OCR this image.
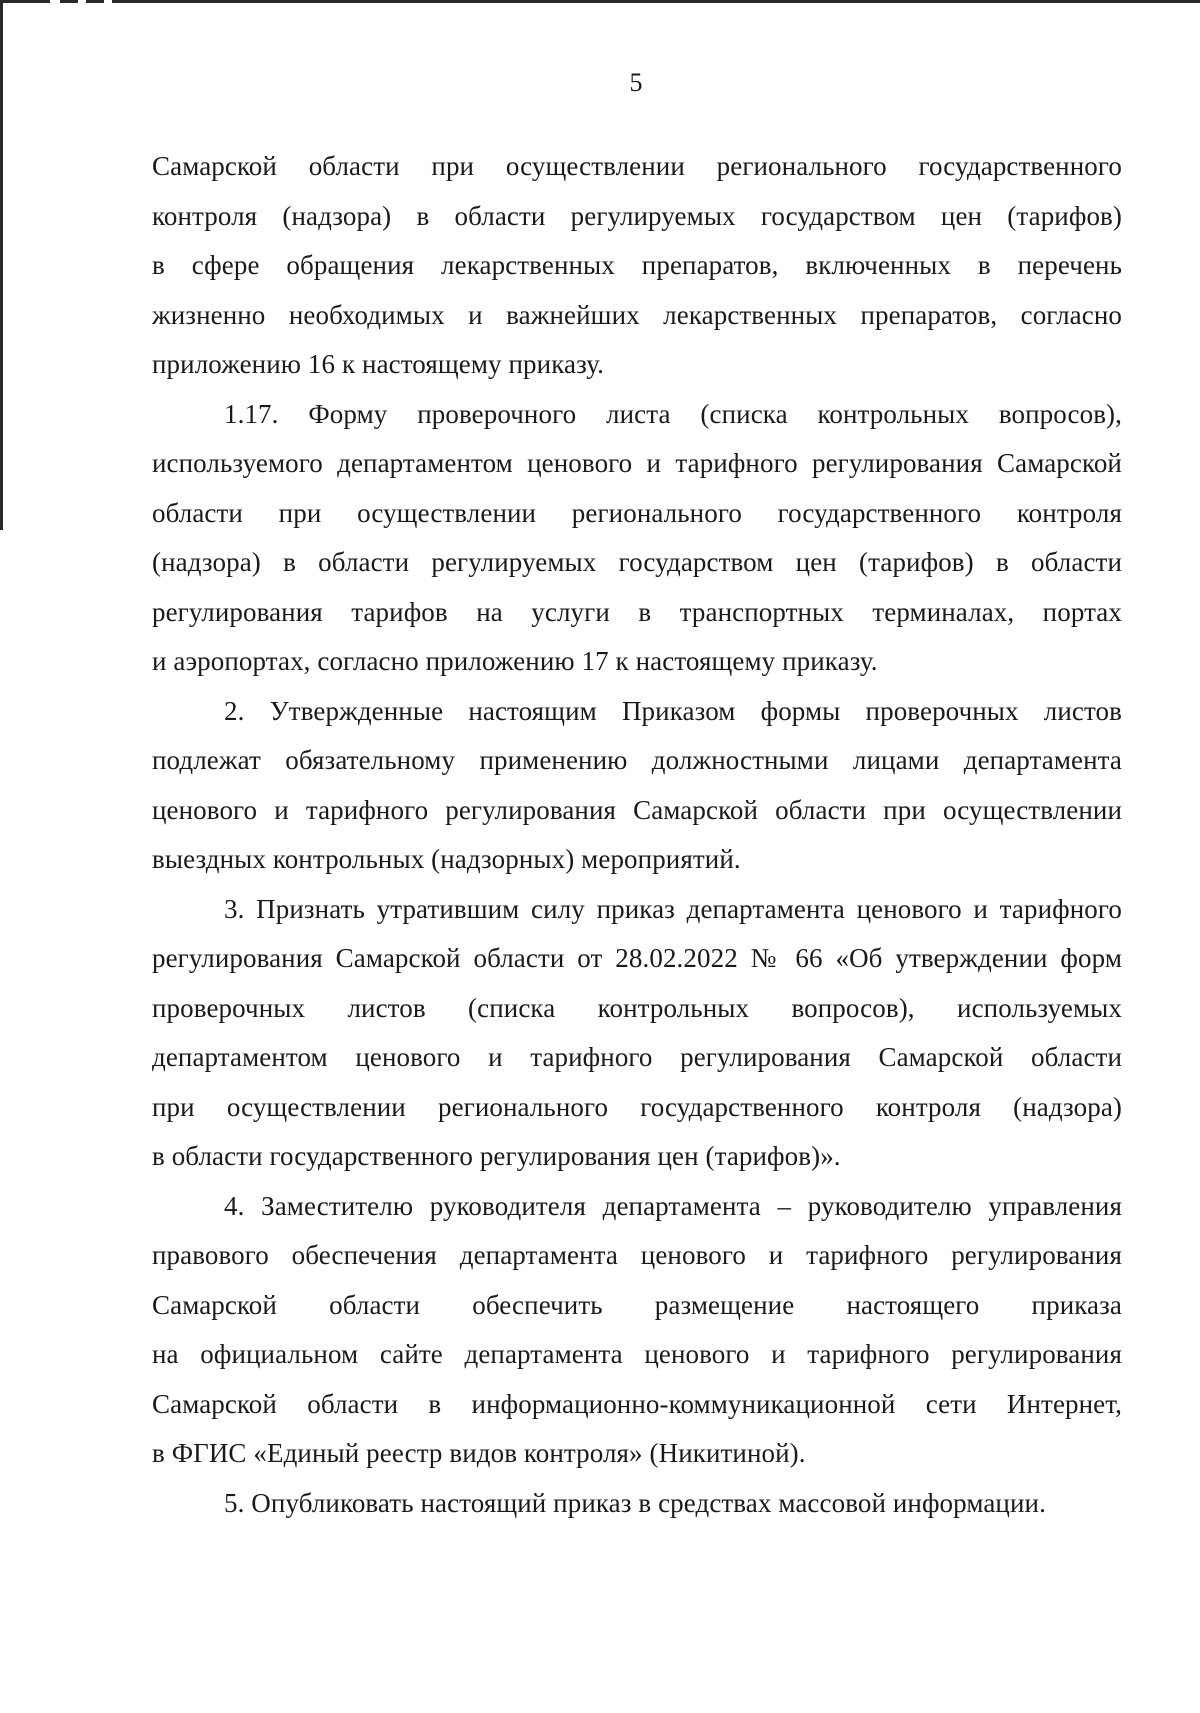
5
Самарской области при осуществлении регионального государственного
контроля (надзора) в области регулируемых государством цен (тарифов)
в сфере обращения лекарственных препаратов, включенных в перечень
жизненно необходимых и важнейших лекарственных препаратов, согласно
приложению 16 к настоящему приказу.
1.17. Форму проверочного листа (списка контрольных вопросов),
используемого департаментом ценового и тарифного регулирования Самарской
области при осуществлении регионального государственного контроля
(надзора) в области регулируемых государством цен (тарифов) в области
регулирования тарифов на услуги в транспортных терминалах, портах
и аэропортах, согласно приложению 17 к настоящему приказу.
2. Утвержденные настоящим Приказом формы проверочных листов
подлежат обязательному применению должностными лицами департамента
ценового и тарифного регулирования Самарской области при осуществлении
выездных контрольных (надзорных) мероприятий.
3. Признать утратившим силу приказ департамента ценового и тарифного
регулирования Самарской области от 28.02.2022 № 66 «Об утверждении форм
проверочных листов (списка контрольных вопросов), используемых
департаментом ценового и тарифного регулирования Самарской области
при осуществлении регионального государственного контроля (надзора)
в области государственного регулирования цен (тарифов)».
4. Заместителю руководителя департамента – руководителю управления
правового обеспечения департамента ценового и тарифного регулирования
Самарской области обеспечить размещение настоящего приказа
на официальном сайте департамента ценового и тарифного регулирования
Самарской области в информационно-коммуникационной сети Интернет,
в ФГИС «Единый реестр видов контроля» (Никитиной).
5. Опубликовать настоящий приказ в средствах массовой информации.
